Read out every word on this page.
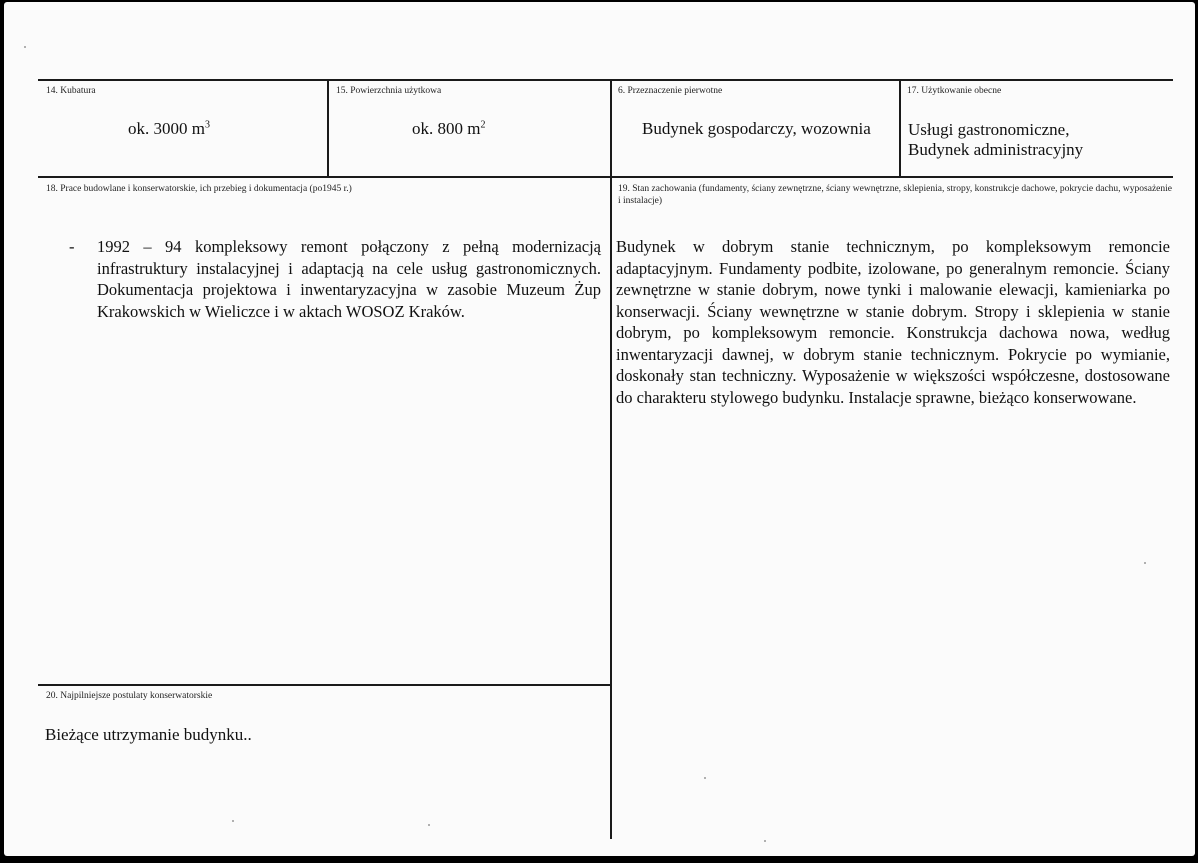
14. Kubatura
ok. 3000 $m^3$
15. Powierzchnia użytkowa
ok. 800 $m^2$
6. Przeznaczenie pierwotne
Budynek gospodarczy, wozownia
17. Użytkowanie obecne
Usługi gastronomiczne,
Budynek administracyjny
18. Prace budowlane i konserwatorskie, ich przebieg i dokumentacja (po1945 r.)
- 1992 – 94 kompleksowy remont połączony z pełną modernizacją infrastruktury instalacyjnej i adaptacją na cele usług gastronomicznych. Dokumentacja projektowa i inwentaryzacyjna w zasobie Muzeum Żup Krakowskich w Wieliczce i w aktach WOSOZ Kraków.
19. Stan zachowania (fundamenty, ściany zewnętrzne, ściany wewnętrzne, sklepienia, stropy, konstrukcje dachowe, pokrycie dachu, wyposażenie i instalacje)
Budynek w dobrym stanie technicznym, po kompleksowym remoncie adaptacyjnym. Fundamenty podbite, izolowane, po generalnym remoncie. Ściany zewnętrzne w stanie dobrym, nowe tynki i malowanie elewacji, kamieniarka po konserwacji. Ściany wewnętrzne w stanie dobrym. Stropy i sklepienia w stanie dobrym, po kompleksowym remoncie. Konstrukcja dachowa nowa, według inwentaryzacji dawnej, w dobrym stanie technicznym. Pokrycie po wymianie, doskonały stan techniczny. Wyposażenie w większości współczesne, dostosowane do charakteru stylowego budynku. Instalacje sprawne, bieżąco konserwowane.
20. Najpilniejsze postulaty konserwatorskie
Bieżące utrzymanie budynku..
